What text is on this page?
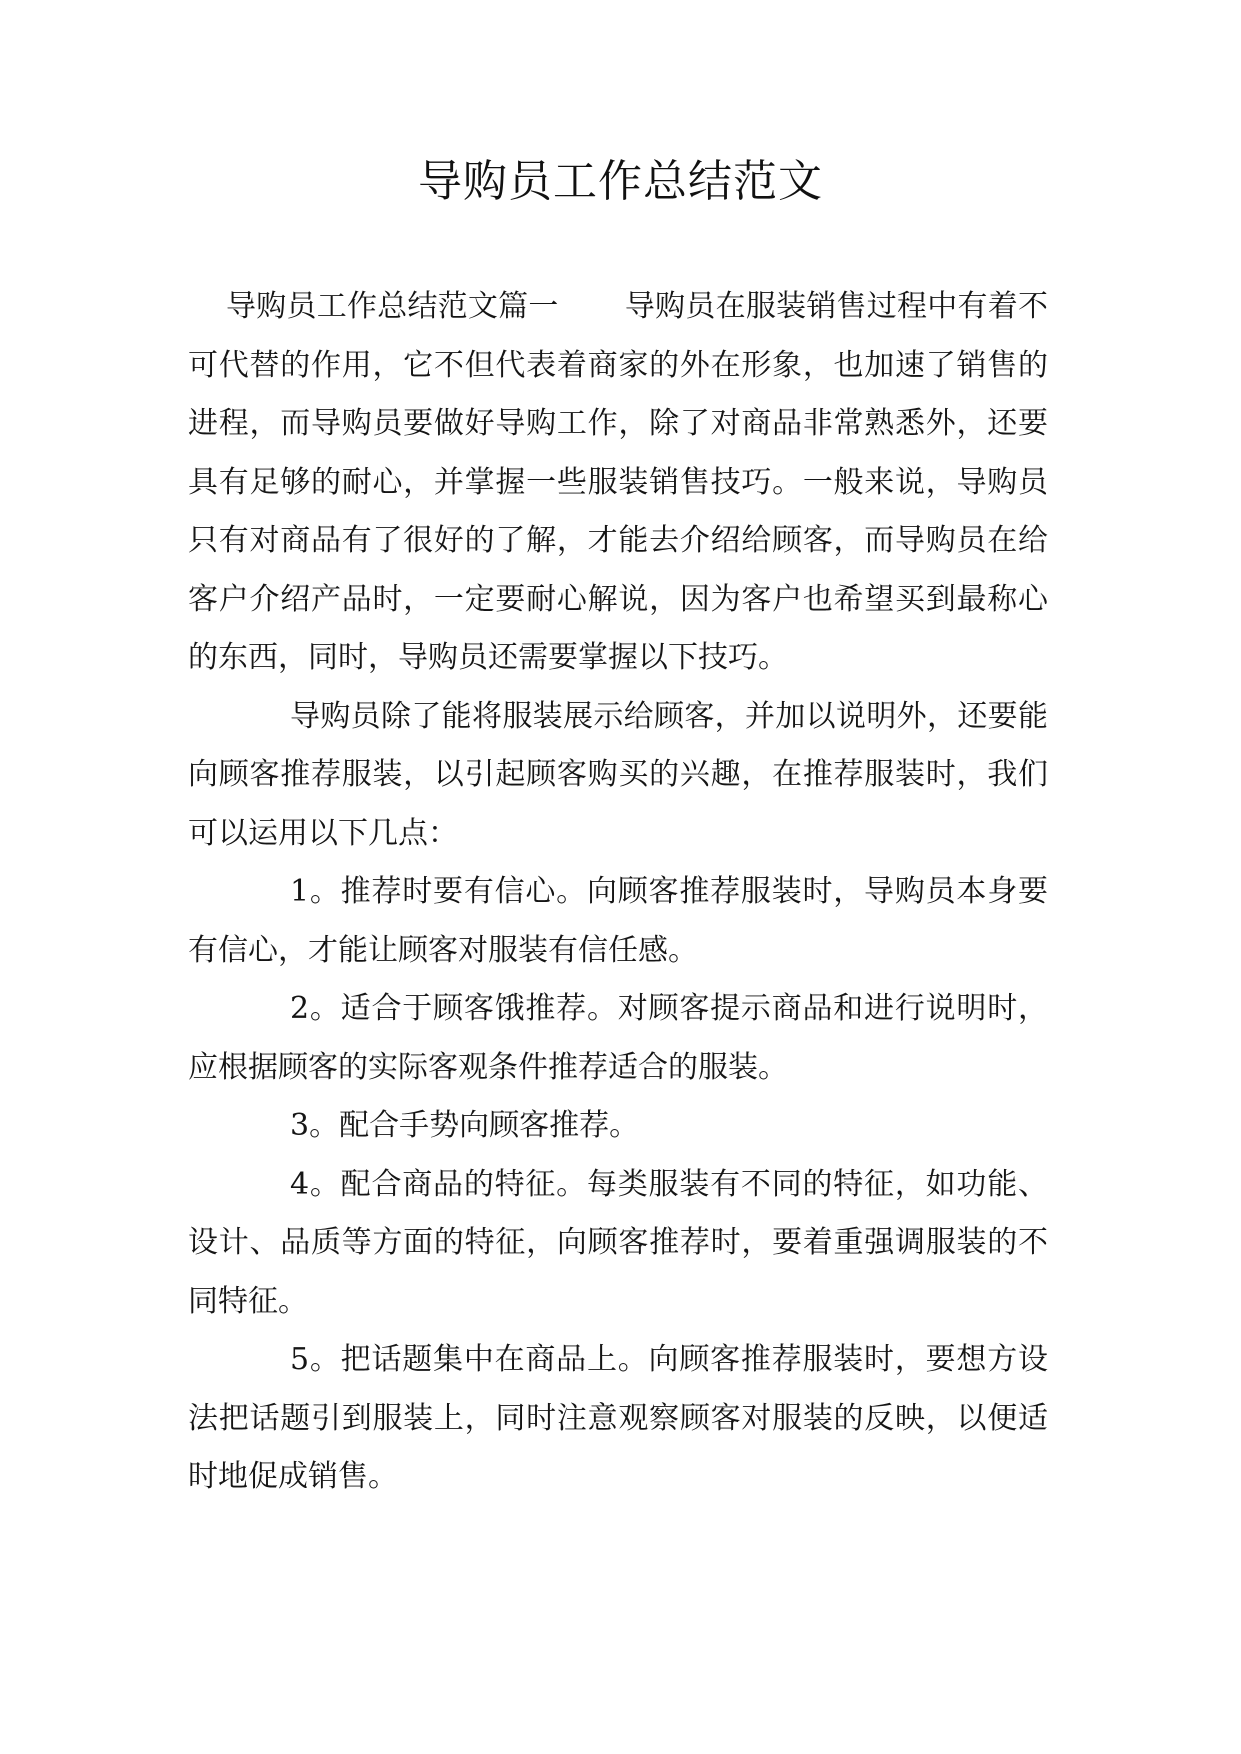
导购员工作总结范文

导购员工作总结范文篇一 导购员在服装销售过程中有着不可代替的作用，它不但代表着商家的外在形象，也加速了销售的进程，而导购员要做好导购工作，除了对商品非常熟悉外，还要具有足够的耐心，并掌握一些服装销售技巧。一般来说，导购员只有对商品有了很好的了解，才能去介绍给顾客，而导购员在给客户介绍产品时，一定要耐心解说，因为客户也希望买到最称心的东西，同时，导购员还需要掌握以下技巧。

导购员除了能将服装展示给顾客，并加以说明外，还要能向顾客推荐服装，以引起顾客购买的兴趣，在推荐服装时，我们可以运用以下几点：

1。推荐时要有信心。向顾客推荐服装时，导购员本身要有信心，才能让顾客对服装有信任感。

2。适合于顾客饿推荐。对顾客提示商品和进行说明时，应根据顾客的实际客观条件推荐适合的服装。

3。配合手势向顾客推荐。

4。配合商品的特征。每类服装有不同的特征，如功能、设计、品质等方面的特征，向顾客推荐时，要着重强调服装的不同特征。

5。把话题集中在商品上。向顾客推荐服装时，要想方设法把话题引到服装上，同时注意观察顾客对服装的反映，以便适时地促成销售。
